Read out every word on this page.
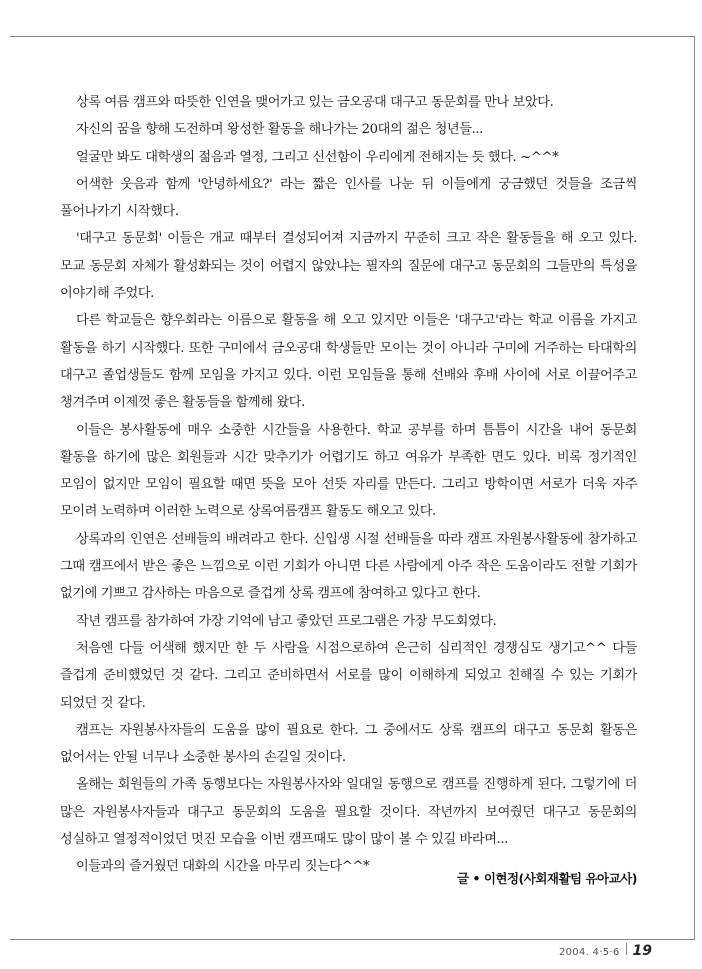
상록 여름 캠프와 따뜻한 인연을 맺어가고 있는 금오공대 대구고 동문회를 만나 보았다.

자신의 꿈을 향해 도전하며 왕성한 활동을 해나가는 20대의 젊은 청년들...

얼굴만 봐도 대학생의 젊음과 열정, 그리고 신선함이 우리에게 전해지는 듯 했다. ~^^*

어색한 웃음과 함께 '안녕하세요?' 라는 짧은 인사를 나눈 뒤 이들에게 궁금했던 것들을 조금씩 풀어나가기 시작했다.

'대구고 동문회' 이들은 개교 때부터 결성되어져 지금까지 꾸준히 크고 작은 활동들을 해 오고 있다. 모교 동문회 자체가 활성화되는 것이 어렵지 않았냐는 필자의 질문에 대구고 동문회의 그들만의 특성을 이야기해 주었다.

다른 학교들은 향우회라는 이름으로 활동을 해 오고 있지만 이들은 '대구고'라는 학교 이름을 가지고 활동을 하기 시작했다. 또한 구미에서 금오공대 학생들만 모이는 것이 아니라 구미에 거주하는 타대학의 대구고 졸업생들도 함께 모임을 가지고 있다. 이런 모임들을 통해 선배와 후배 사이에 서로 이끌어주고 챙겨주며 이제껏 좋은 활동들을 함께해 왔다.

이들은 봉사활동에 매우 소중한 시간들을 사용한다. 학교 공부를 하며 틈틈이 시간을 내어 동문회 활동을 하기에 많은 회원들과 시간 맞추기가 어렵기도 하고 여유가 부족한 면도 있다. 비록 정기적인 모임이 없지만 모임이 필요할 때면 뜻을 모아 선뜻 자리를 만든다. 그리고 방학이면 서로가 더욱 자주 모이려 노력하며 이러한 노력으로 상록여름캠프 활동도 해오고 있다.

상록과의 인연은 선배들의 배려라고 한다. 신입생 시절 선배들을 따라 캠프 자원봉사활동에 참가하고 그때 캠프에서 받은 좋은 느낌으로 이런 기회가 아니면 다른 사람에게 아주 작은 도움이라도 전할 기회가 없기에 기쁘고 감사하는 마음으로 즐겁게 상록 캠프에 참여하고 있다고 한다.

작년 캠프를 참가하여 가장 기억에 남고 좋았던 프로그램은 가장 무도회였다.

처음엔 다들 어색해 했지만 한 두 사람을 시점으로하여 은근히 심리적인 경쟁심도 생기고^^ 다들 즐겁게 준비했었던 것 같다. 그리고 준비하면서 서로를 많이 이해하게 되었고 친해질 수 있는 기회가 되었던 것 같다.

캠프는 자원봉사자들의 도움을 많이 필요로 한다. 그 중에서도 상록 캠프의 대구고 동문회 활동은 없어서는 안될 너무나 소중한 봉사의 손길일 것이다.

올해는 회원들의 가족 동행보다는 자원봉사자와 일대일 동행으로 캠프를 진행하게 된다. 그렇기에 더 많은 자원봉사자들과 대구고 동문회의 도움을 필요할 것이다. 작년까지 보여줬던 대구고 동문회의 성실하고 열정적이었던 멋진 모습을 이번 캠프때도 많이 많이 볼 수 있길 바라며...

이들과의 즐거웠던 대화의 시간을 마무리 짓는다^^*

글 • 이현정(사회재활팀 유아교사)
2004. 4·5·6 19
